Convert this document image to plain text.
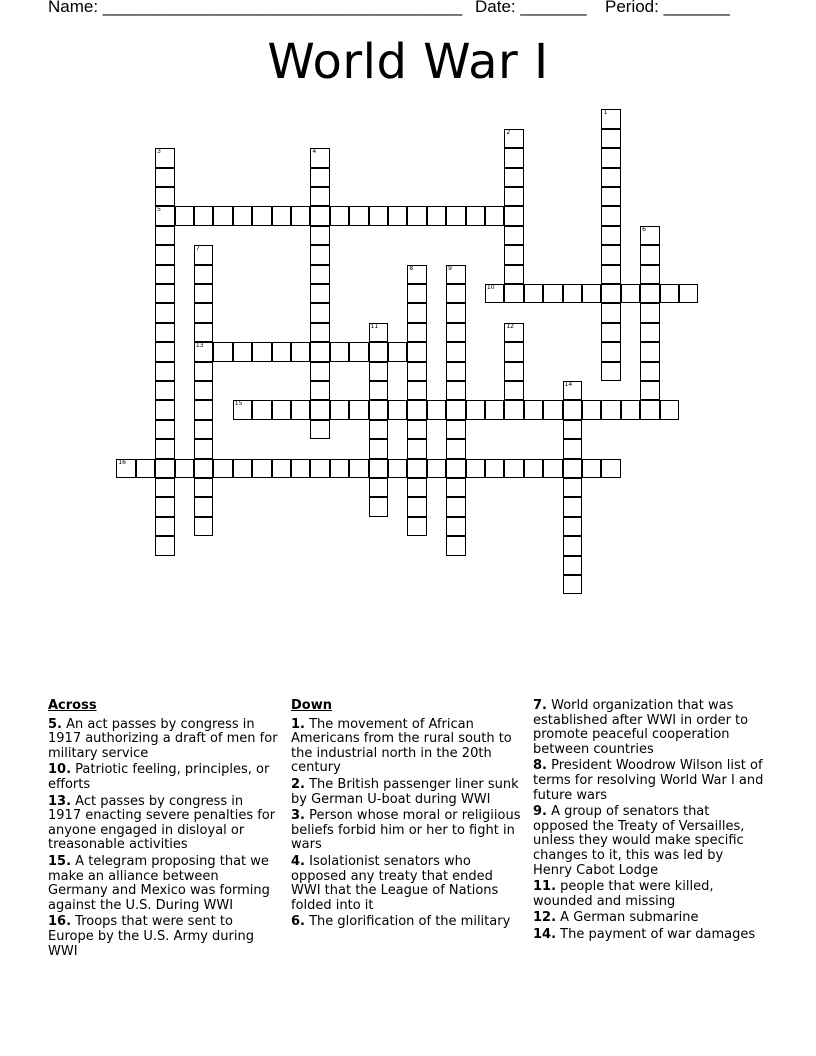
Name: ______________________________________ Date: _______ Period: _______
World War I
1
2
3
5
4
6
7
13
8	9
10
11	12
14
15
16
Across
5. An act passes by congress in 1917 authorizing a draft of men for military service
10. Patriotic feeling, principles, or efforts
13. Act passes by congress in 1917 enacting severe penalties for anyone engaged in disloyal or treasonable activities
15. A telegram proposing that we make an alliance between Germany and Mexico was forming against the U.S. During WWI
16. Troops that were sent to Europe by the U.S. Army during WWI
Down
1. The movement of African Americans from the rural south to the industrial north in the 20th century
2. The British passenger liner sunk by German U-boat during WWI
3. Person whose moral or religiious beliefs forbid him or her to fight in wars
4. Isolationist senators who opposed any treaty that ended WWI that the League of Nations folded into it
6. The glorification of the military
7. World organization that was established after WWI in order to promote peaceful cooperation between countries
8. President Woodrow Wilson list of terms for resolving World War I and future wars
9. A group of senators that opposed the Treaty of Versailles, unless they would make specific changes to it, this was led by Henry Cabot Lodge
11. people that were killed, wounded and missing
12. A German submarine
14. The payment of war damages
